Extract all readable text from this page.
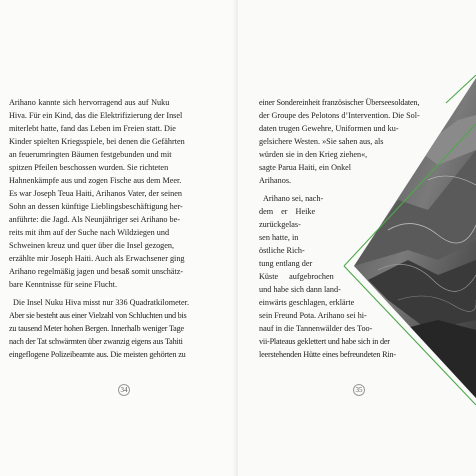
Arihano kannte sich hervorragend aus auf Nuku
Hiva. Für ein Kind, das die Elektrifizierung der Insel
miterlebt hatte, fand das Leben im Freien statt. Die
Kinder spielten Kriegsspiele, bei denen die Gefährten
an feuerumringten Bäumen festgebunden und mit
spitzen Pfeilen beschossen wurden. Sie richteten
Hahnenkämpfe aus und zogen Fische aus dem Meer.
Es war Joseph Teua Haiti, Arihanos Vater, der seinen
Sohn an dessen künftige Lieblingsbeschäftigung her-
anführte: die Jagd. Als Neunjähriger sei Arihano be-
reits mit ihm auf der Suche nach Wildziegen und
Schweinen kreuz und quer über die Insel gezogen,
erzählte mir Joseph Haiti. Auch als Erwachsener ging
Arihano regelmäßig jagen und besaß somit unschätz-
bare Kenntnisse für seine Flucht.
Die Insel Nuku Hiva misst nur 336 Quadratkilometer.
Aber sie besteht aus einer Vielzahl von Schluchten und bis
zu tausend Meter hohen Bergen. Innerhalb weniger Tage
nach der Tat schwärmten über zwanzig eigens aus Tahiti
eingeflogene Polizeibeamte aus. Die meisten gehörten zu
34
einer Sondereinheit französischer Überseesoldaten,
der Groupe des Pelotons d’Intervention. Die Sol-
daten trugen Gewehre, Uniformen und ku-
gelsichere Westen. »Sie sahen aus, als
würden sie in den Krieg ziehen«,
sagte Parua Haiti, ein Onkel
Arihanos.
Arihano sei, nach-
dem er Heike
zurückgelas-
sen hatte, in
östliche Rich-
tung entlang der
Küste aufgebrochen
und habe sich dann land-
einwärts geschlagen, erklärte
sein Freund Pota. Arihano sei hi-
nauf in die Tannenwälder des Too-
vii-Plateaus geklettert und habe sich in der
leerstehenden Hütte eines befreundeten Rin-
35
